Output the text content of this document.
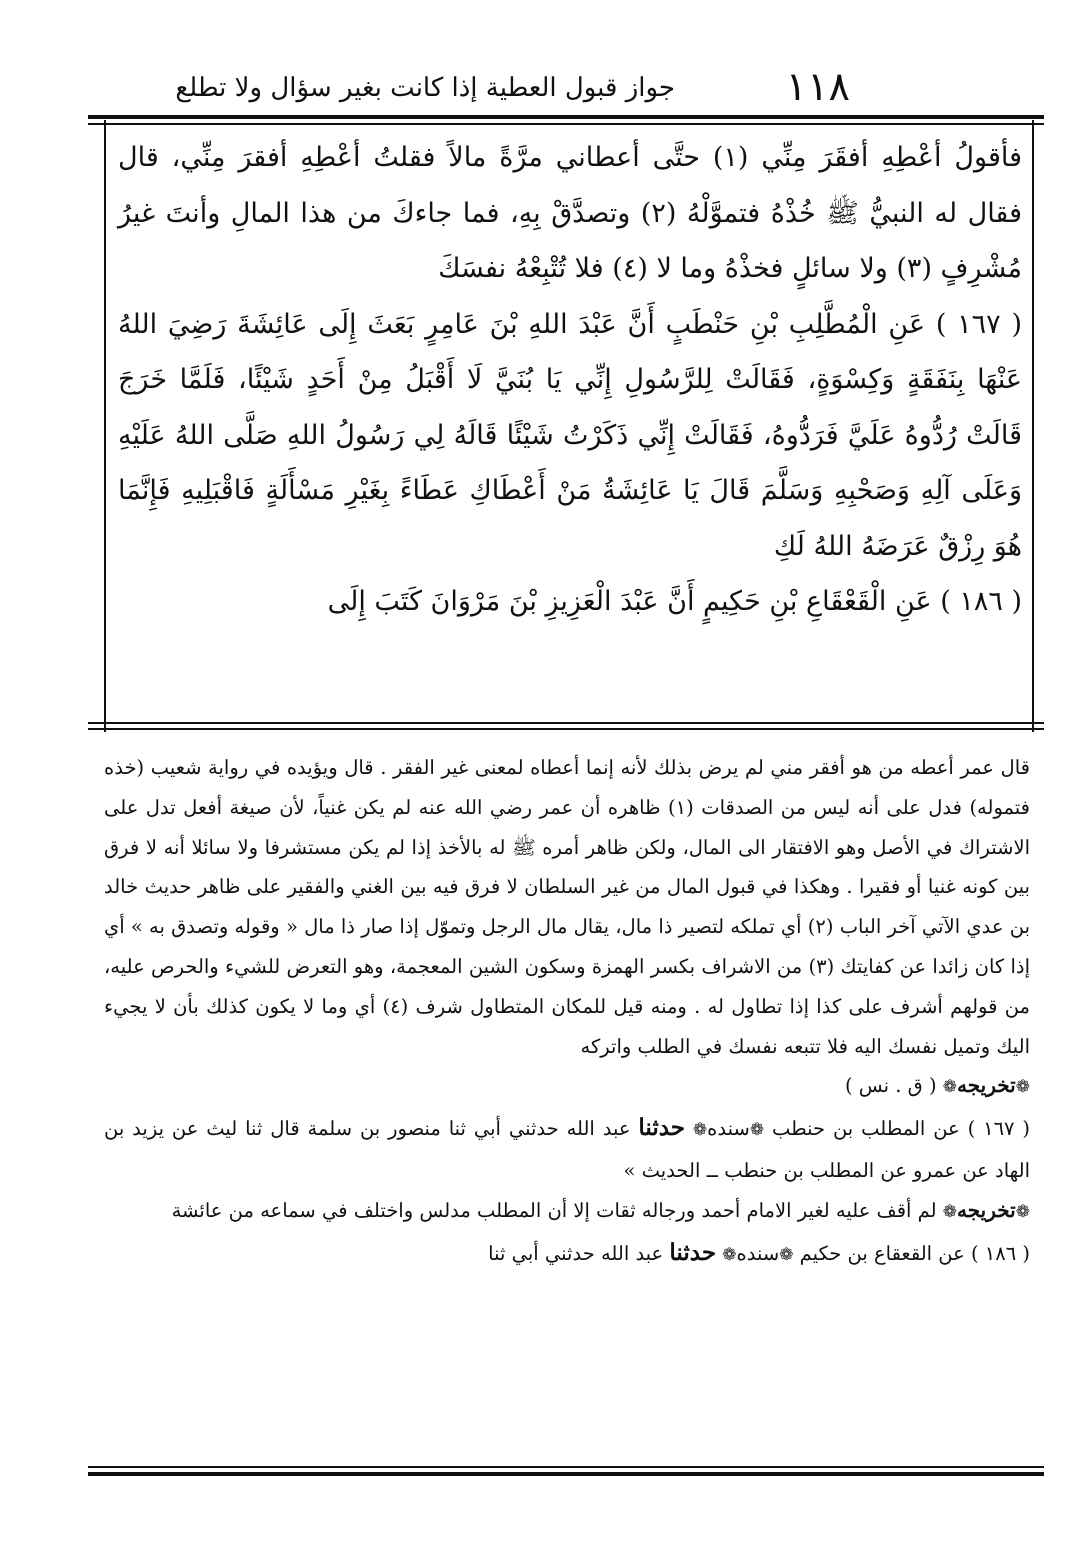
١١٨
جواز قبول العطية إذا كانت بغير سؤال ولا تطلع

فأقولُ أعْطِهِ أفقَرَ مِنِّي (١) حتَّى أعطاني مرَّةً مالاً فقلتُ أعْطِهِ أفقرَ مِنِّي، قال فقال له النبيُّ ﷺ خُذْهُ فتموَّلْهُ (٢) وتصدَّقْ بِهِ، فما جاءكَ من هذا المالِ وأنتَ غيرُ مُشْرِفٍ (٣) ولا سائلٍ فخذْهُ وما لا (٤) فلا تُتْبِعْهُ نفسَكَ

( ١٦٧ ) عَنِ الْمُطَّلِبِ بْنِ حَنْطَبٍ أَنَّ عَبْدَ اللهِ بْنَ عَامِرٍ بَعَثَ إِلَى عَائِشَةَ رَضِيَ اللهُ عَنْهَا بِنَفَقَةٍ وَكِسْوَةٍ، فَقَالَتْ لِلرَّسُولِ إِنِّي يَا بُنَيَّ لَا أَقْبَلُ مِنْ أَحَدٍ شَيْئًا، فَلَمَّا خَرَجَ قَالَتْ رُدُّوهُ عَلَيَّ فَرَدُّوهُ، فَقَالَتْ إِنِّي ذَكَرْتُ شَيْئًا قَالَهُ لِي رَسُولُ اللهِ صَلَّى اللهُ عَلَيْهِ وَعَلَى آلِهِ وَصَحْبِهِ وَسَلَّمَ قَالَ يَا عَائِشَةُ مَنْ أَعْطَاكِ عَطَاءً بِغَيْرِ مَسْأَلَةٍ فَاقْبَلِيهِ فَإِنَّمَا هُوَ رِزْقٌ عَرَضَهُ اللهُ لَكِ

( ١٨٦ ) عَنِ الْقَعْقَاعِ بْنِ حَكِيمٍ أَنَّ عَبْدَ الْعَزِيزِ بْنَ مَرْوَانَ كَتَبَ إِلَى

قال عمر أعطه من هو أفقر مني لم يرض بذلك لأنه إنما أعطاه لمعنى غير الفقر . قال ويؤيده في رواية شعيب (خذه فتموله) فدل على أنه ليس من الصدقات (١) ظاهره أن عمر رضي الله عنه لم يكن غنياً، لأن صيغة أفعل تدل على الاشتراك في الأصل وهو الافتقار الى المال، ولكن ظاهر أمره ﷺ له بالأخذ إذا لم يكن مستشرفا ولا سائلا أنه لا فرق بين كونه غنيا أو فقيرا . وهكذا في قبول المال من غير السلطان لا فرق فيه بين الغني والفقير على ظاهر حديث خالد بن عدي الآتي آخر الباب (٢) أي تملكه لتصير ذا مال، يقال مال الرجل وتموّل إذا صار ذا مال « وقوله وتصدق به » أي إذا كان زائدا عن كفايتك (٣) من الاشراف بكسر الهمزة وسكون الشين المعجمة، وهو التعرض للشيء والحرص عليه، من قولهم أشرف على كذا إذا تطاول له . ومنه قيل للمكان المتطاول شرف (٤) أي وما لا يكون كذلك بأن لا يجيء اليك وتميل نفسك اليه فلا تتبعه نفسك في الطلب واتركه

❁تخريجه❁ ( ق . نس )

( ١٦٧ ) عن المطلب بن حنطب ❁سنده❁ حدثنا عبد الله حدثني أبي ثنا منصور بن سلمة قال ثنا ليث عن يزيد بن الهاد عن عمرو عن المطلب بن حنطب ــ الحديث »

❁تخريجه❁ لم أقف عليه لغير الامام أحمد ورجاله ثقات إلا أن المطلب مدلس واختلف في سماعه من عائشة

( ١٨٦ ) عن القعقاع بن حكيم ❁سنده❁ حدثنا عبد الله حدثني أبي ثنا
